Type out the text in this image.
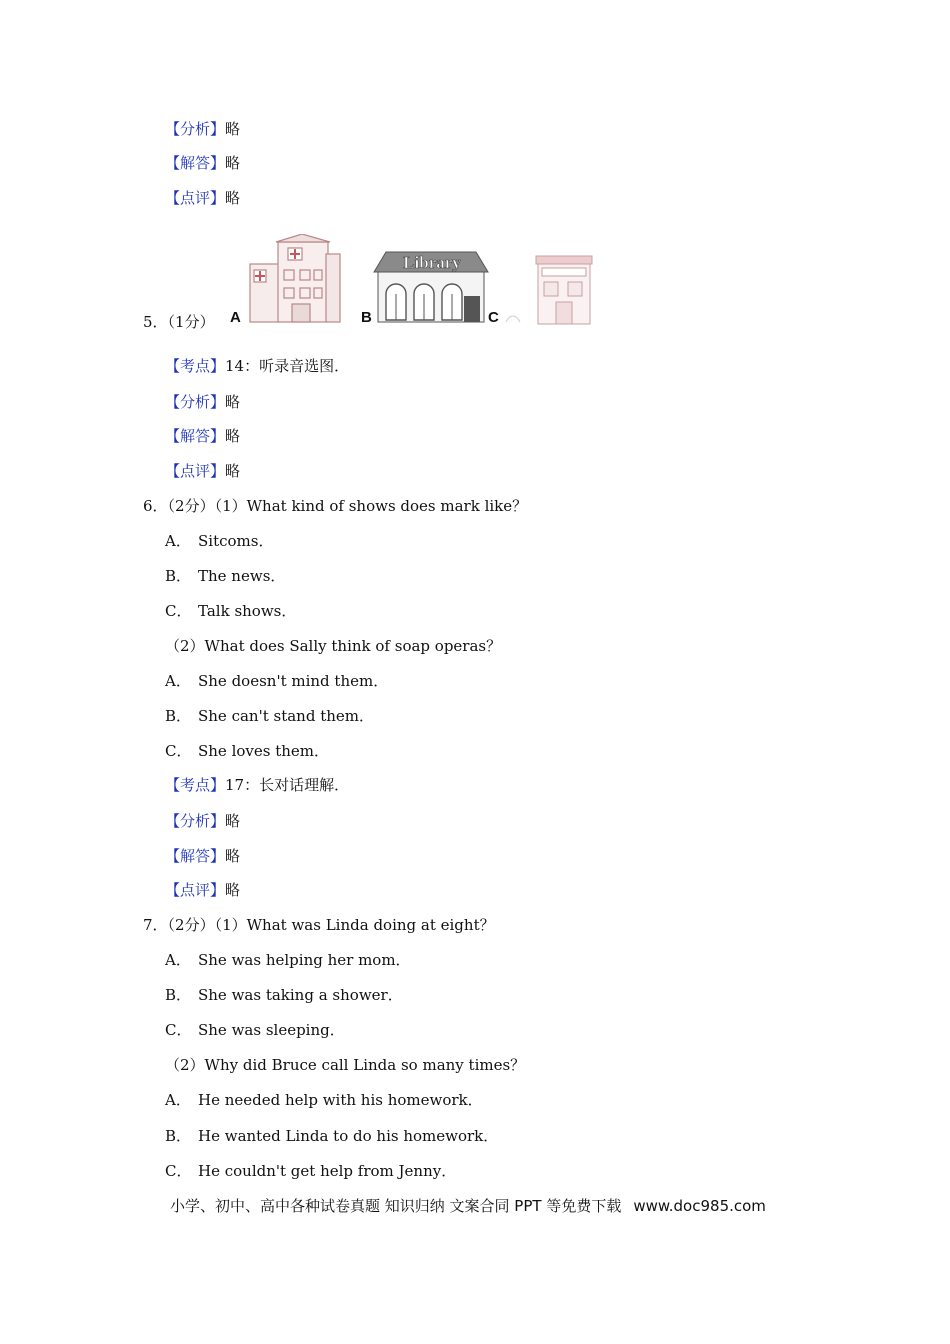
【分析】略
【解答】略
【点评】略
5．（1分） A
Library
B	C
【考点】14：听录音选图．
【分析】略
【解答】略
【点评】略
6．（2分）（1）What kind of shows does mark like？
A． Sitcoms．
B． The news．
C． Talk shows．
（2）What does Sally think of soap operas？
A． She doesn't mind them．
B． She can't stand them．
C． She loves them．
【考点】17：长对话理解．
【分析】略
【解答】略
【点评】略
7．（2分）（1）What was Linda doing at eight？
A． She was helping her mom．
B． She was taking a shower．
C． She was sleeping．
（2）Why did Bruce call Linda so many times？
A． He needed help with his homework．
B． He wanted Linda to do his homework．
C． He couldn't get help from Jenny．
小学、初中、高中各种试卷真题 知识归纳 文案合同 PPT 等免费下载 www.doc985.com
